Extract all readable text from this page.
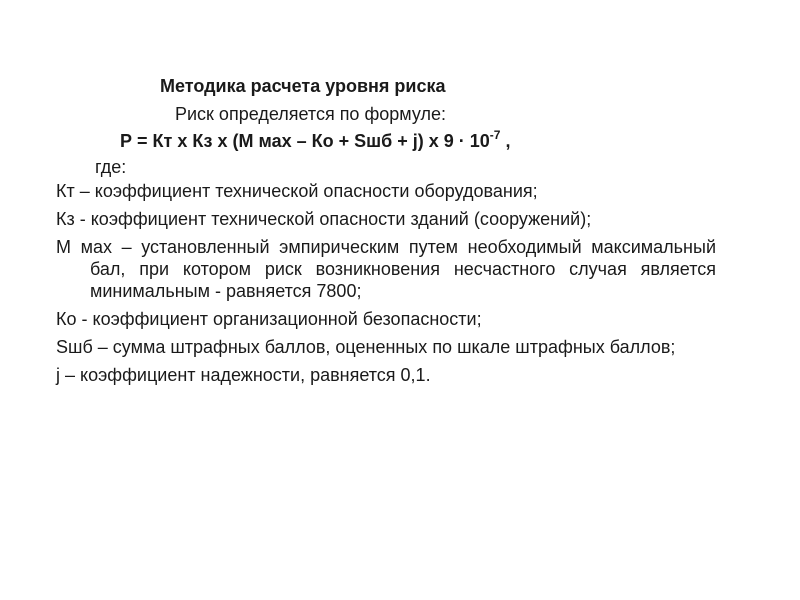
Методика расчета уровня риска
Риск определяется по формуле:
Р = Кт х Кз х (М мах – Ко + Sшб + j) х $9 \cdot 10^{-7}$ ,
где:

Кт – коэффициент технической опасности оборудования;

Кз - коэффициент технической опасности зданий (сооружений);

М мах – установленный эмпирическим путем необходимый максимальный бал, при котором риск возникновения несчастного случая является минимальным - равняется 7800;

Ко - коэффициент организационной безопасности;

Sшб – сумма штрафных баллов, оцененных по шкале штрафных баллов;

j – коэффициент надежности, равняется 0,1.
